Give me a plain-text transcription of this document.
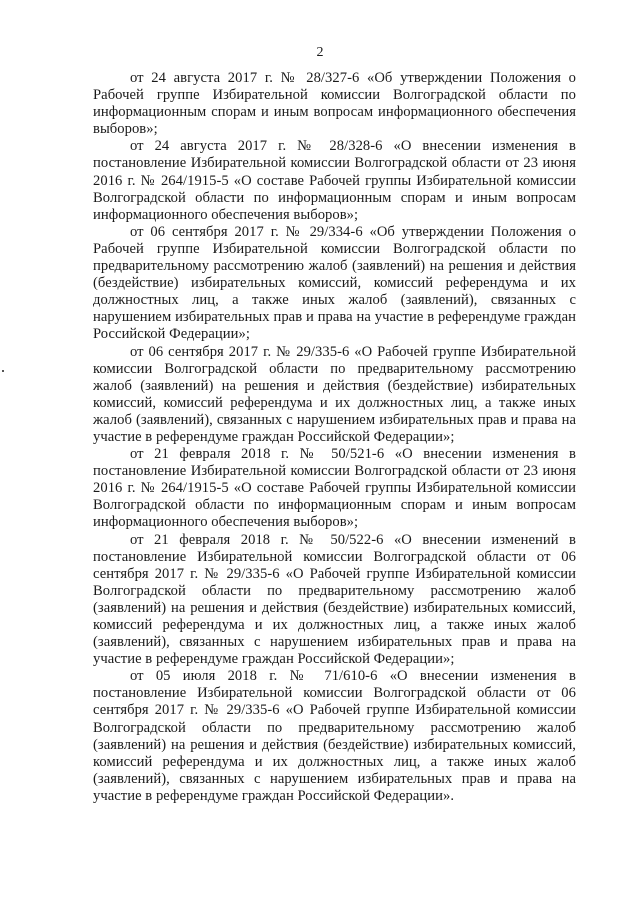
2

от 24 августа 2017 г. № 28/327-6 «Об утверждении Положения о Рабочей группе Избирательной комиссии Волгоградской области по информационным спорам и иным вопросам информационного обеспечения выборов»;

от 24 августа 2017 г. № 28/328-6 «О внесении изменения в постановление Избирательной комиссии Волгоградской области от 23 июня 2016 г. № 264/1915-5 «О составе Рабочей группы Избирательной комиссии Волгоградской области по информационным спорам и иным вопросам информационного обеспечения выборов»;

от 06 сентября 2017 г. № 29/334-6 «Об утверждении Положения о Рабочей группе Избирательной комиссии Волгоградской области по предварительному рассмотрению жалоб (заявлений) на решения и действия (бездействие) избирательных комиссий, комиссий референдума и их должностных лиц, а также иных жалоб (заявлений), связанных с нарушением избирательных прав и права на участие в референдуме граждан Российской Федерации»;

от 06 сентября 2017 г. № 29/335-6 «О Рабочей группе Избирательной комиссии Волгоградской области по предварительному рассмотрению жалоб (заявлений) на решения и действия (бездействие) избирательных комиссий, комиссий референдума и их должностных лиц, а также иных жалоб (заявлений), связанных с нарушением избирательных прав и права на участие в референдуме граждан Российской Федерации»;

от 21 февраля 2018 г. № 50/521-6 «О внесении изменения в постановление Избирательной комиссии Волгоградской области от 23 июня 2016 г. № 264/1915-5 «О составе Рабочей группы Избирательной комиссии Волгоградской области по информационным спорам и иным вопросам информационного обеспечения выборов»;

от 21 февраля 2018 г. № 50/522-6 «О внесении изменений в постановление Избирательной комиссии Волгоградской области от 06 сентября 2017 г. № 29/335-6 «О Рабочей группе Избирательной комиссии Волгоградской области по предварительному рассмотрению жалоб (заявлений) на решения и действия (бездействие) избирательных комиссий, комиссий референдума и их должностных лиц, а также иных жалоб (заявлений), связанных с нарушением избирательных прав и права на участие в референдуме граждан Российской Федерации»;

от 05 июля 2018 г. № 71/610-6 «О внесении изменения в постановление Избирательной комиссии Волгоградской области от 06 сентября 2017 г. № 29/335-6 «О Рабочей группе Избирательной комиссии Волгоградской области по предварительному рассмотрению жалоб (заявлений) на решения и действия (бездействие) избирательных комиссий, комиссий референдума и их должностных лиц, а также иных жалоб (заявлений), связанных с нарушением избирательных прав и права на участие в референдуме граждан Российской Федерации».
